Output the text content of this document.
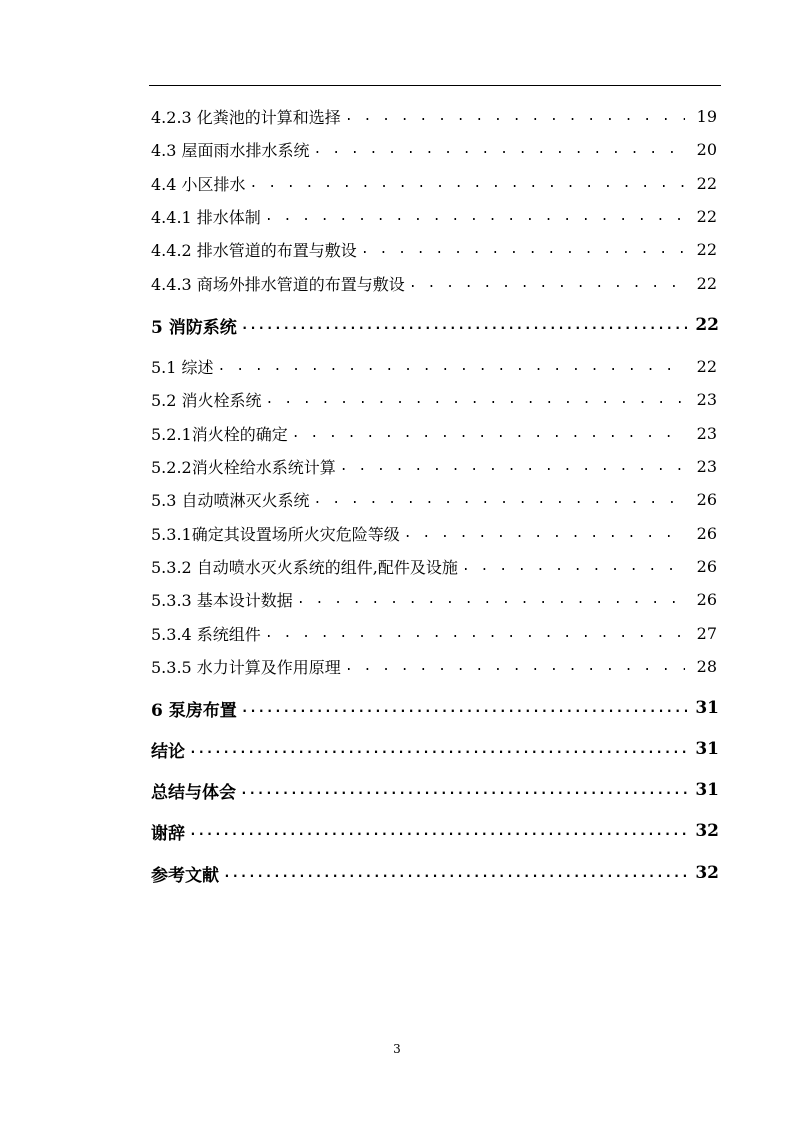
4.2.3 化粪池的计算和选择 . . .	19
4.3 屋面雨水排水系统 . . .	20
4.4 小区排水 . . .	22
4.4.1 排水体制 . . .	22
4.4.2 排水管道的布置与敷设 . . .	22
4.4.3 商场外排水管道的布置与敷设 . . .	22
5 消防系统 .....	22
5.1 综述 . . .	22
5.2 消火栓系统 . . .	23
5.2.1消火栓的确定 . . .	23
5.2.2消火栓给水系统计算 . . .	23
5.3 自动喷淋灭火系统 . . .	26
5.3.1确定其设置场所火灾危险等级 . . .	26
5.3.2 自动喷水灭火系统的组件,配件及设施 . . .	26
5.3.3 基本设计数据 . . .	26
5.3.4 系统组件 . . .	27
5.3.5 水力计算及作用原理 . . .	28
6 泵房布置 .....	31
结论 .....	31
总结与体会 .....	31
谢辞 .....	32
参考文献 .....	32
3
